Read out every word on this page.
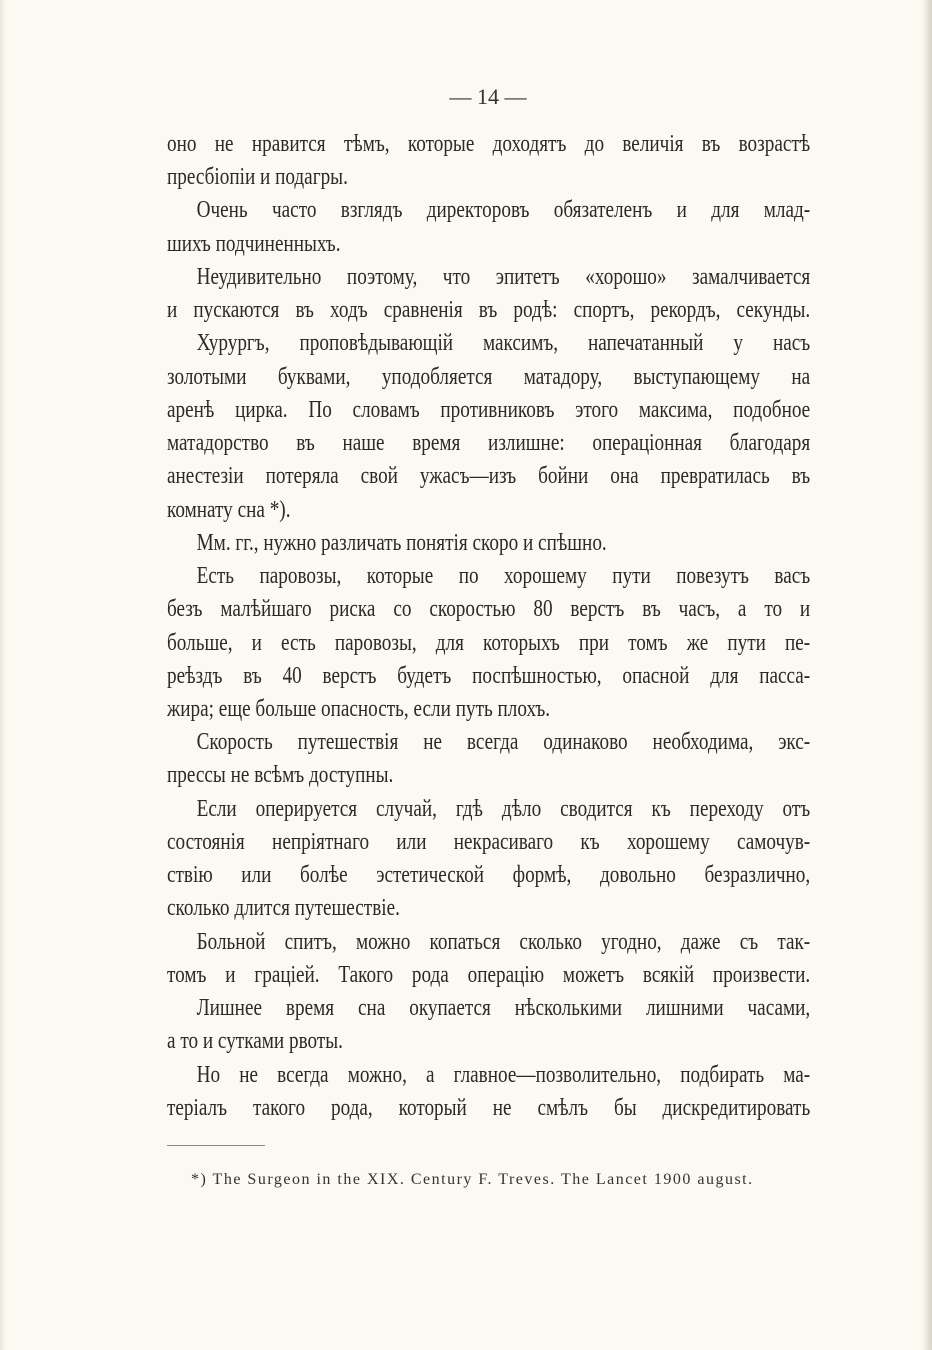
— 14 —
оно не нравится тѣмъ, которые доходятъ до величія въ возрастѣ
пресбіопіи и подагры.
Очень часто взглядъ директоровъ обязателенъ и для млад-
шихъ подчиненныхъ.
Неудивительно поэтому, что эпитетъ «хорошо» замалчивается
и пускаются въ ходъ сравненія въ родѣ: спортъ, рекордъ, секунды.
Хурургъ, проповѣдывающій максимъ, напечатанный у насъ
золотыми буквами, уподобляется матадору, выступающему на
аренѣ цирка. По словамъ противниковъ этого максима, подобное
матадорство въ наше время излишне: операціонная благодаря
анестезіи потеряла свой ужасъ—изъ бойни она превратилась въ
комнату сна *).
Мм. гг., нужно различать понятія скоро и спѣшно.
Есть паровозы, которые по хорошему пути повезутъ васъ
безъ малѣйшаго риска со скоростью 80 верстъ въ часъ, а то и
больше, и есть паровозы, для которыхъ при томъ же пути пе-
реѣздъ въ 40 верстъ будетъ поспѣшностью, опасной для пасса-
жира; еще больше опасность, если путь плохъ.
Скорость путешествія не всегда одинаково необходима, экс-
прессы не всѣмъ доступны.
Если оперируется случай, гдѣ дѣло сводится къ переходу отъ
состоянія непріятнаго или некрасиваго къ хорошему самочув-
ствію или болѣе эстетической формѣ, довольно безразлично,
сколько длится путешествіе.
Больной спитъ, можно копаться сколько угодно, даже съ так-
томъ и граціей. Такого рода операцію можетъ всякій произвести.
Лишнее время сна окупается нѣсколькими лишними часами,
а то и сутками рвоты.
Но не всегда можно, а главное—позволительно, подбирать ма-
теріалъ такого рода, который не смѣлъ бы дискредитировать
*) The Surgeon in the XIX. Century F. Treves. The Lancet 1900 august.
